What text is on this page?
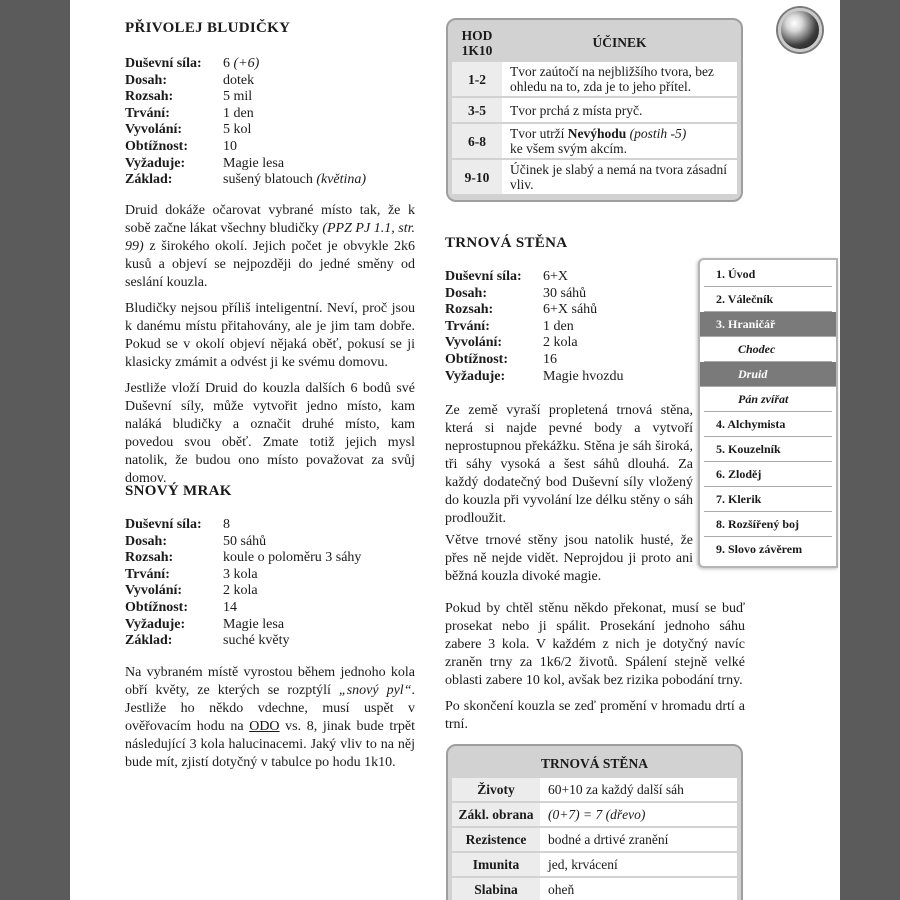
PŘIVOLEJ BLUDIČKY
Duševní síla:	6 (+6)
Dosah:	dotek
Rozsah:	5 mil
Trvání:	1 den
Vyvolání:	5 kol
Obtížnost:	10
Vyžaduje:	Magie lesa
Základ:	sušený blatouch (květina)
Druid dokáže očarovat vybrané místo tak, že k sobě začne lákat všechny bludičky (PPZ PJ 1.1, str. 99) z širokého okolí. Jejich počet je obvykle 2k6 kusů a objeví se nejpozději do jedné směny od seslání kouzla.
Bludičky nejsou příliš inteligentní. Neví, proč jsou k danému místu přitahovány, ale je jim tam dobře. Pokud se v okolí objeví nějaká oběť, pokusí se ji klasicky zmámit a odvést ji ke svému domovu.
Jestliže vloží Druid do kouzla dalších 6 bodů své Duševní síly, může vytvořit jedno místo, kam naláká bludičky a označit druhé místo, kam povedou svou oběť. Zmate totiž jejich mysl natolik, že budou ono místo považovat za svůj domov.
SNOVÝ MRAK
Duševní síla:	8
Dosah:	50 sáhů
Rozsah:	koule o poloměru 3 sáhy
Trvání:	3 kola
Vyvolání:	2 kola
Obtížnost:	14
Vyžaduje:	Magie lesa
Základ:	suché květy
Na vybraném místě vyrostou během jednoho kola obří květy, ze kterých se rozptýlí „snový pyl“. Jestliže ho někdo vdechne, musí uspět v ověřovacím hodu na ODO vs. 8, jinak bude trpět následující 3 kola halucinacemi. Jaký vliv to na něj bude mít, zjistí dotyčný v tabulce po hodu 1k10.
HOD 1K10	ÚČINEK
1-2	Tvor zaútočí na nejbližšího tvora, bez ohledu na to, zda je to jeho přítel.
3-5	Tvor prchá z místa pryč.
6-8	Tvor utrží Nevýhodu (postih -5)
ke všem svým akcím.
9-10	Účinek je slabý a nemá na tvora zásadní vliv.
TRNOVÁ STĚNA
Duševní síla:	6+X
Dosah:	30 sáhů
Rozsah:	6+X sáhů
Trvání:	1 den
Vyvolání:	2 kola
Obtížnost:	16
Vyžaduje:	Magie hvozdu
Ze země vyraší propletená trnová stěna, která si najde pevné body a vytvoří neprostupnou překážku. Stěna je sáh široká, tři sáhy vysoká a šest sáhů dlouhá. Za každý dodatečný bod Duševní síly vložený do kouzla při vyvolání lze délku stěny o sáh prodloužit.
Větve trnové stěny jsou natolik husté, že přes ně nejde vidět. Neprojdou ji proto ani běžná kouzla divoké magie.
Pokud by chtěl stěnu někdo překonat, musí se buď prosekat nebo ji spálit. Prosekání jednoho sáhu zabere 3 kola. V každém z nich je dotyčný navíc zraněn trny za 1k6/2 životů. Spálení stejně velké oblasti zabere 10 kol, avšak bez rizika pobodání trny.
Po skončení kouzla se zeď promění v hromadu drtí a trní.
TRNOVÁ STĚNA	
Životy	60+10 za každý další sáh
Zákl. obrana	(0+7) = 7 (dřevo)
Rezistence	bodné a drtivé zranění
Imunita	jed, krvácení
Slabina	oheň
1. Úvod
2. Válečník
3. Hraničář
Chodec
Druid
Pán zvířat
4. Alchymista
5. Kouzelník
6. Zloděj
7. Klerik
8. Rozšířený boj
9. Slovo závěrem
